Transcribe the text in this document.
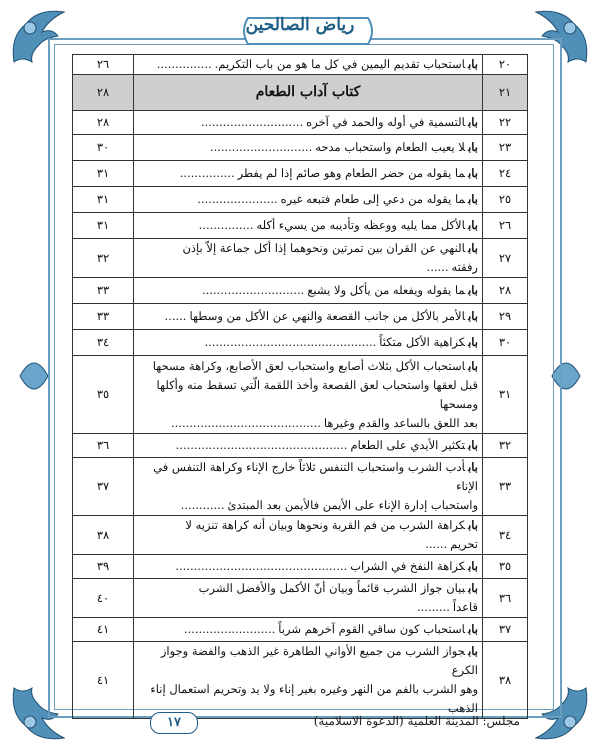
رياض الصالحين
٢٠	باباستحباب تقديم اليمين في كل ما هو من باب التكريم................	٢٦
٢١	كتاب آداب الطعام	٢٨
٢٢	بابالتسمية في أوله والحمد في آخره............................	٢٨
٢٣	بابلا يعيب الطعام واستحباب مدحه............................	٣٠
٢٤	بابما يقوله من حضر الطعام وهو صائم إذا لم يفطر...............	٣١
٢٥	بابما يقوله من دعي إلى طعام فتبعه غيره......................	٣١
٢٦	بابالأكل مما يليه ووعظه وتأديبه من يسيء أكله...............	٣١
٢٧	بابالنهي عن القران بين تمرتين ونحوهما إذا أكل جماعة إلاّ بإذن رفقته......	٣٢
٢٨	بابما يقوله ويفعله من يأكل ولا يشبع............................	٣٣
٢٩	بابالأمر بالأكل من جانب القصعة والنهي عن الأكل من وسطها......	٣٣
٣٠	بابكراهية الأكل متكئاً...............................................	٣٤
٣١	باباستحباب الأكل بثلاث أصابع واستحباب لعق الأصابع، وكراهة مسحها
قبل لعقها واستحباب لعق القصعة وأخذ اللقمة الّتي تسقط منه وأكلها ومسحها
بعد اللعق بالساعد والقدم وغيرها.........................................	٣٥
٣٢	بابتكثير الأيدي على الطعام...............................................	٣٦
٣٣	بابأدب الشرب واستحباب التنفس ثلاثاً خارج الإناء وكراهة التنفس في الإناء
واستحباب إدارة الإناء على الأيمن فالأيمن بعد المبتدئ............	٣٧
٣٤	بابكراهة الشرب من فم القربة ونحوها وبيان أنه كراهة تنزيه لا تحريم......	٣٨
٣٥	بابكراهة النفخ في الشراب...............................................	٣٩
٣٦	باببيان جواز الشرب قائماً وبيان أنّ الأكمل والأفضل الشرب قاعداً.........	٤٠
٣٧	باباستحباب كون ساقي القوم آخرهم شرباً.........................	٤١
٣٨	بابجواز الشرب من جميع الأواني الطاهرة غير الذهب والفضة وجواز الكرع
وهو الشرب بالفم من النهر وغيره بغير إناء ولا يد وتحريم استعمال إناء الذهب	٤١
مجلس: المدينة العلمية (الدعوة الاسلامية)
١٧
